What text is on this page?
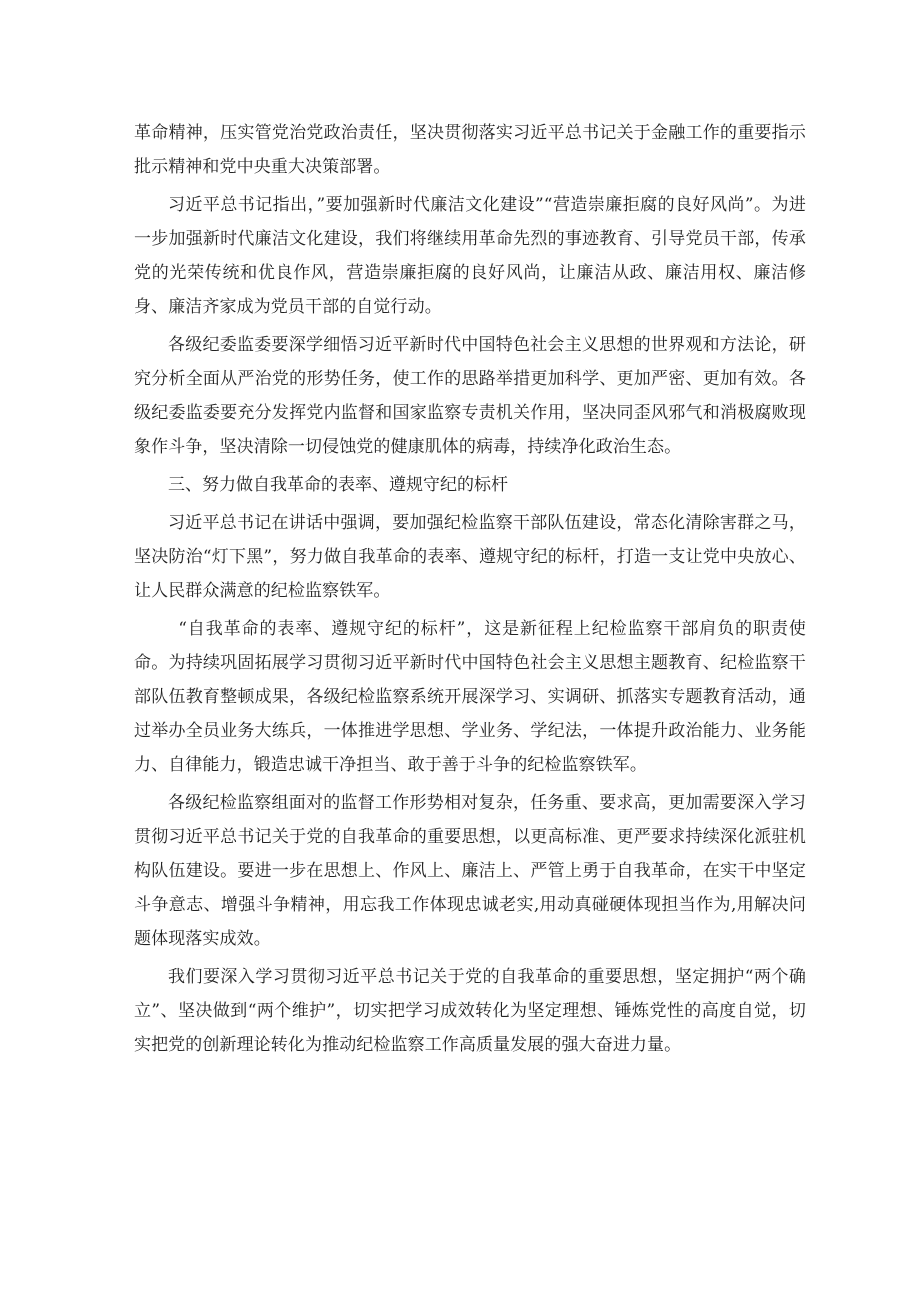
革命精神，压实管党治党政治责任，坚决贯彻落实习近平总书记关于金融工作的重要指示批示精神和党中央重大决策部署。

习近平总书记指出，”要加强新时代廉洁文化建设”“营造崇廉拒腐的良好风尚”。为进一步加强新时代廉洁文化建设，我们将继续用革命先烈的事迹教育、引导党员干部，传承党的光荣传统和优良作风，营造崇廉拒腐的良好风尚，让廉洁从政、廉洁用权、廉洁修身、廉洁齐家成为党员干部的自觉行动。

各级纪委监委要深学细悟习近平新时代中国特色社会主义思想的世界观和方法论，研究分析全面从严治党的形势任务，使工作的思路举措更加科学、更加严密、更加有效。各级纪委监委要充分发挥党内监督和国家监察专责机关作用，坚决同歪风邪气和消极腐败现象作斗争，坚决清除一切侵蚀党的健康肌体的病毒，持续净化政治生态。

三、努力做自我革命的表率、遵规守纪的标杆

习近平总书记在讲话中强调，要加强纪检监察干部队伍建设，常态化清除害群之马，坚决防治“灯下黑”，努力做自我革命的表率、遵规守纪的标杆，打造一支让党中央放心、让人民群众满意的纪检监察铁军。

“自我革命的表率、遵规守纪的标杆”，这是新征程上纪检监察干部肩负的职责使命。为持续巩固拓展学习贯彻习近平新时代中国特色社会主义思想主题教育、纪检监察干部队伍教育整顿成果，各级纪检监察系统开展深学习、实调研、抓落实专题教育活动，通过举办全员业务大练兵，一体推进学思想、学业务、学纪法，一体提升政治能力、业务能力、自律能力，锻造忠诚干净担当、敢于善于斗争的纪检监察铁军。

各级纪检监察组面对的监督工作形势相对复杂，任务重、要求高，更加需要深入学习贯彻习近平总书记关于党的自我革命的重要思想，以更高标准、更严要求持续深化派驻机构队伍建设。要进一步在思想上、作风上、廉洁上、严管上勇于自我革命，在实干中坚定斗争意志、增强斗争精神，用忘我工作体现忠诚老实,用动真碰硬体现担当作为,用解决问题体现落实成效。

我们要深入学习贯彻习近平总书记关于党的自我革命的重要思想，坚定拥护“两个确立”、坚决做到“两个维护”，切实把学习成效转化为坚定理想、锤炼党性的高度自觉，切实把党的创新理论转化为推动纪检监察工作高质量发展的强大奋进力量。
